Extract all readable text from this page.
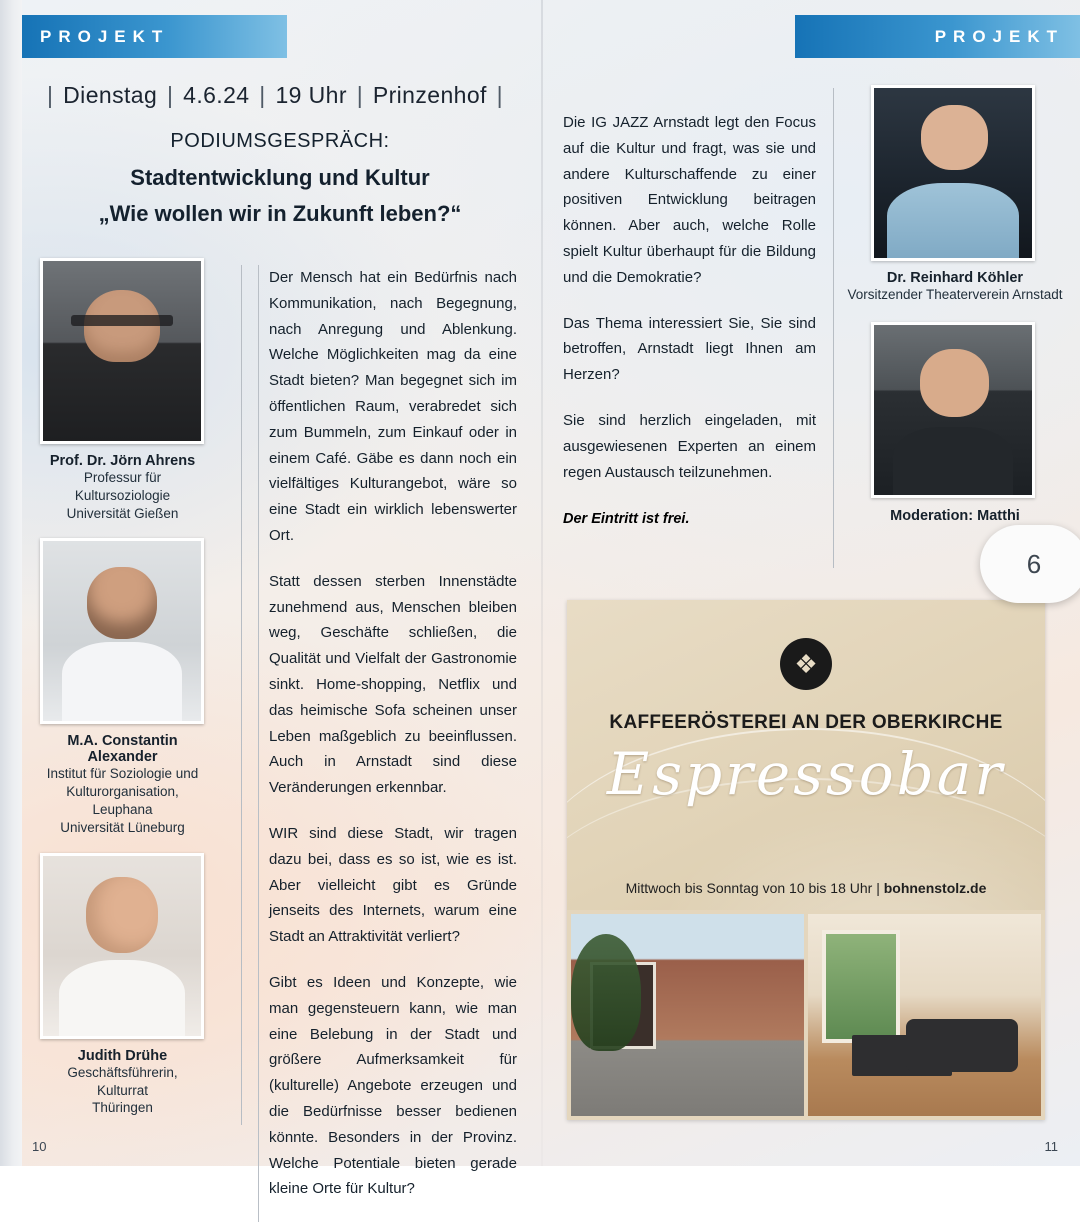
PROJEKT	PROJEKT
| Dienstag | 4.6.24 | 19 Uhr | Prinzenhof |
PODIUMSGESPRÄCH:
Stadtentwicklung und Kultur
„Wie wollen wir in Zukunft leben?“
Prof. Dr. Jörn Ahrens
Professur für Kultursoziologie
Universität Gießen
M.A. Constantin Alexander
Institut für Soziologie und
Kulturorganisation, Leuphana
Universität Lüneburg
Judith Drühe
Geschäftsführerin, Kulturrat
Thüringen

Der Mensch hat ein Bedürfnis nach Kommunikation, nach Begegnung, nach Anregung und Ablenkung. Welche Möglichkeiten mag da eine Stadt bieten? Man begegnet sich im öffentlichen Raum, verabredet sich zum Bummeln, zum Einkauf oder in einem Café. Gäbe es dann noch ein vielfältiges Kulturangebot, wäre so eine Stadt ein wirklich lebenswerter Ort.

Statt dessen sterben Innenstädte zunehmend aus, Menschen bleiben weg, Geschäfte schließen, die Qualität und Vielfalt der Gastronomie sinkt. Home-shopping, Netflix und das heimische Sofa scheinen unser Leben maßgeblich zu beeinflussen. Auch in Arnstadt sind diese Veränderungen erkennbar.

WIR sind diese Stadt, wir tragen dazu bei, dass es so ist, wie es ist. Aber vielleicht gibt es Gründe jenseits des Internets, warum eine Stadt an Attraktivität verliert?

Gibt es Ideen und Konzepte, wie man gegensteuern kann, wie man eine Belebung in der Stadt und größere Aufmerksamkeit für (kulturelle) Angebote erzeugen und die Bedürfnisse besser bedienen könnte. Besonders in der Provinz. Welche Potentiale bieten gerade kleine Orte für Kultur?

Die IG JAZZ Arnstadt legt den Focus auf die Kultur und fragt, was sie und andere Kulturschaffende zu einer positiven Entwicklung beitragen können. Aber auch, welche Rolle spielt Kultur überhaupt für die Bildung und die Demokratie?

Das Thema interessiert Sie, Sie sind betroffen, Arnstadt liegt Ihnen am Herzen?

Sie sind herzlich eingeladen, mit ausgewiesenen Experten an einem regen Austausch teilzunehmen.

Der Eintritt ist frei.
Dr. Reinhard Köhler
Vorsitzender Theaterverein Arnstadt
Moderation: Matthi
❖
KAFFEERÖSTEREI AN DER OBERKIRCHE
Espressobar
Mittwoch bis Sonntag von 10 bis 18 Uhr | bohnenstolz.de
10	11
6
